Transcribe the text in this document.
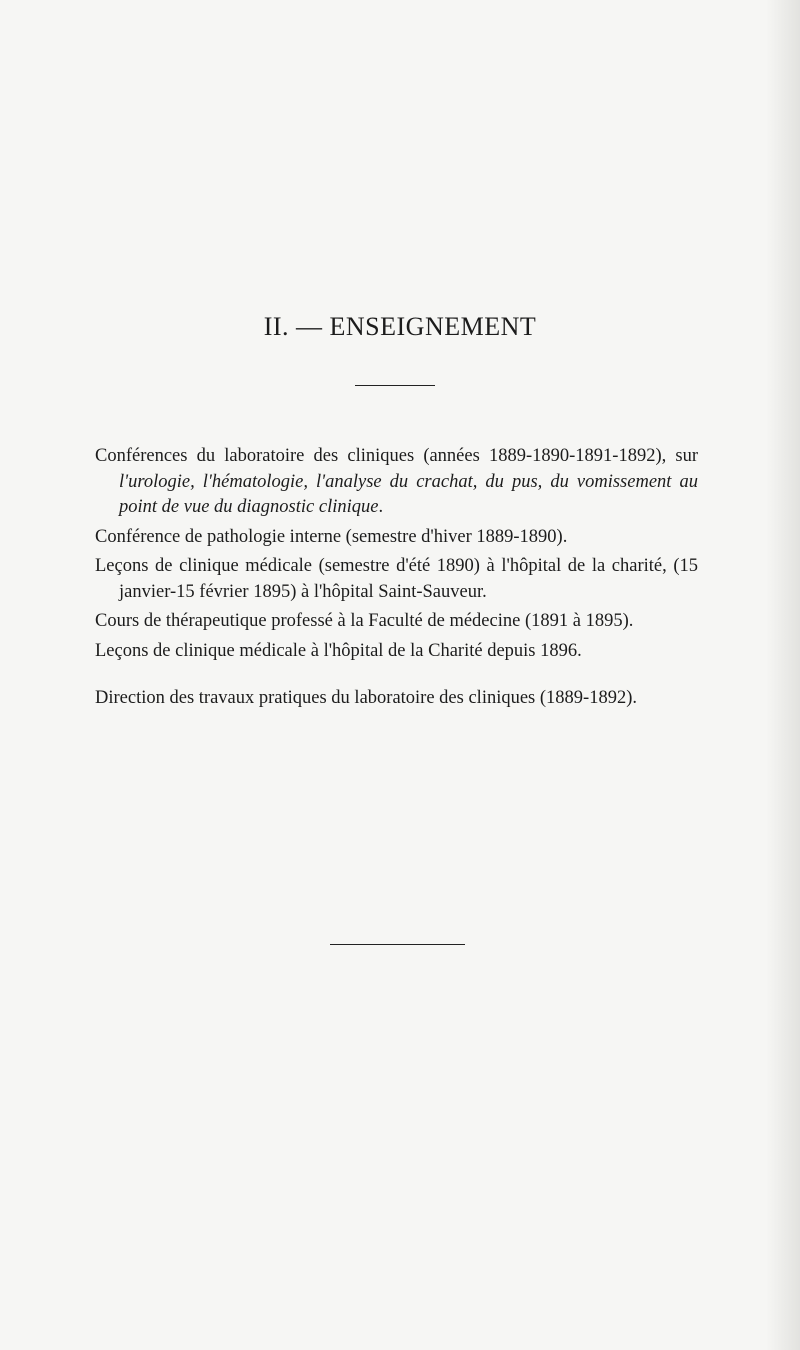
II. — ENSEIGNEMENT

Conférences du laboratoire des cliniques (années 1889-1890-1891-1892), sur l'urologie, l'hématologie, l'analyse du crachat, du pus, du vomissement au point de vue du diagnostic clinique.

Conférence de pathologie interne (semestre d'hiver 1889-1890).

Leçons de clinique médicale (semestre d'été 1890) à l'hôpital de la charité, (15 janvier-15 février 1895) à l'hôpital Saint-Sauveur.

Cours de thérapeutique professé à la Faculté de médecine (1891 à 1895).

Leçons de clinique médicale à l'hôpital de la Charité depuis 1896.

Direction des travaux pratiques du laboratoire des cliniques (1889-1892).
